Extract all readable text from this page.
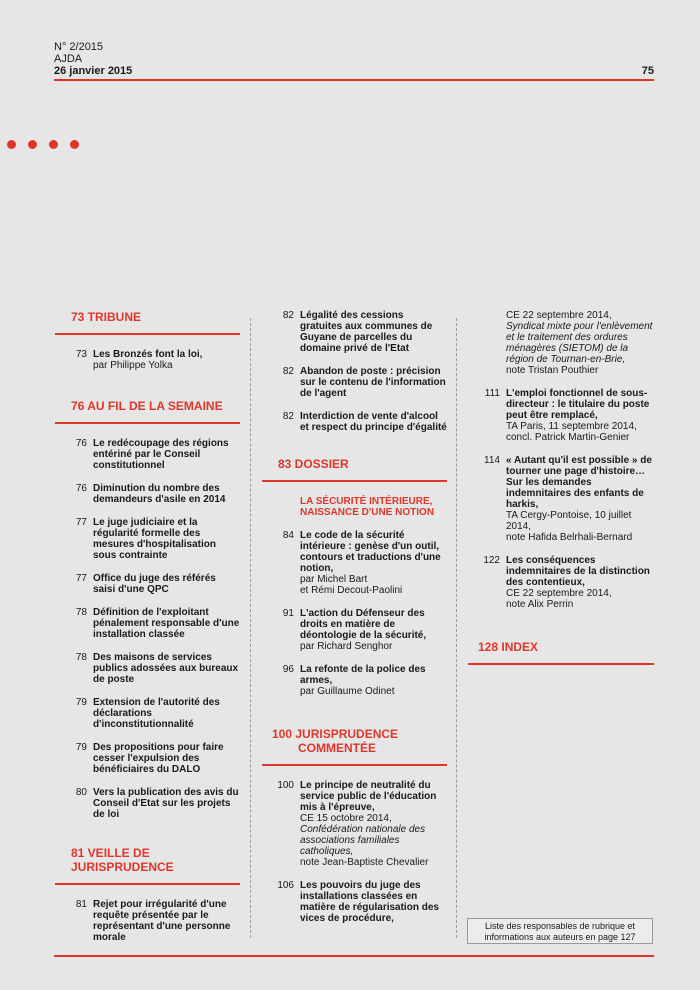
N° 2/2015
AJDA
26 janvier 2015	75
73 TRIBUNE
73 Les Bronzés font la loi,
par Philippe Yolka
76 AU FIL DE LA SEMAINE
76 Le redécoupage des régions entériné par le Conseil constitutionnel
76 Diminution du nombre des demandeurs d'asile en 2014
77 Le juge judiciaire et la régularité formelle des mesures d'hospitalisation sous contrainte
77 Office du juge des référés saisi d'une QPC
78 Définition de l'exploitant pénalement responsable d'une installation classée
78 Des maisons de services publics adossées aux bureaux de poste
79 Extension de l'autorité des déclarations d'inconstitutionnalité
79 Des propositions pour faire cesser l'expulsion des bénéficiaires du DALO
80 Vers la publication des avis du Conseil d'Etat sur les projets de loi
81 VEILLE DE JURISPRUDENCE
81 Rejet pour irrégularité d'une requête présentée par le représentant d'une personne morale
82 Légalité des cessions gratuites aux communes de Guyane de parcelles du domaine privé de l'Etat
82 Abandon de poste : précision sur le contenu de l'information de l'agent
82 Interdiction de vente d'alcool et respect du principe d'égalité
83 DOSSIER
LA SÉCURITÉ INTÉRIEURE, NAISSANCE D'UNE NOTION
84 Le code de la sécurité intérieure : genèse d'un outil, contours et traductions d'une notion,
par Michel Bart
et Rémi Decout-Paolini
91 L'action du Défenseur des droits en matière de déontologie de la sécurité,
par Richard Senghor
96 La refonte de la police des armes,
par Guillaume Odinet
100 JURISPRUDENCE
COMMENTÉE
100 Le principe de neutralité du service public de l'éducation mis à l'épreuve,
CE 15 octobre 2014,
Confédération nationale des associations familiales catholiques,
note Jean-Baptiste Chevalier
106 Les pouvoirs du juge des installations classées en matière de régularisation des vices de procédure,
CE 22 septembre 2014,
Syndicat mixte pour l'enlèvement et le traitement des ordures ménagères (SIETOM) de la région de Tournan-en-Brie,
note Tristan Pouthier
111 L'emploi fonctionnel de sous-directeur : le titulaire du poste peut être remplacé,
TA Paris, 11 septembre 2014,
concl. Patrick Martin-Genier
114 « Autant qu'il est possible » de tourner une page d'histoire… Sur les demandes indemnitaires des enfants de harkis,
TA Cergy-Pontoise, 10 juillet 2014,
note Hafida Belrhali-Bernard
122 Les conséquences indemnitaires de la distinction des contentieux,
CE 22 septembre 2014,
note Alix Perrin
128 INDEX
Liste des responsables de rubrique et informations aux auteurs en page 127
